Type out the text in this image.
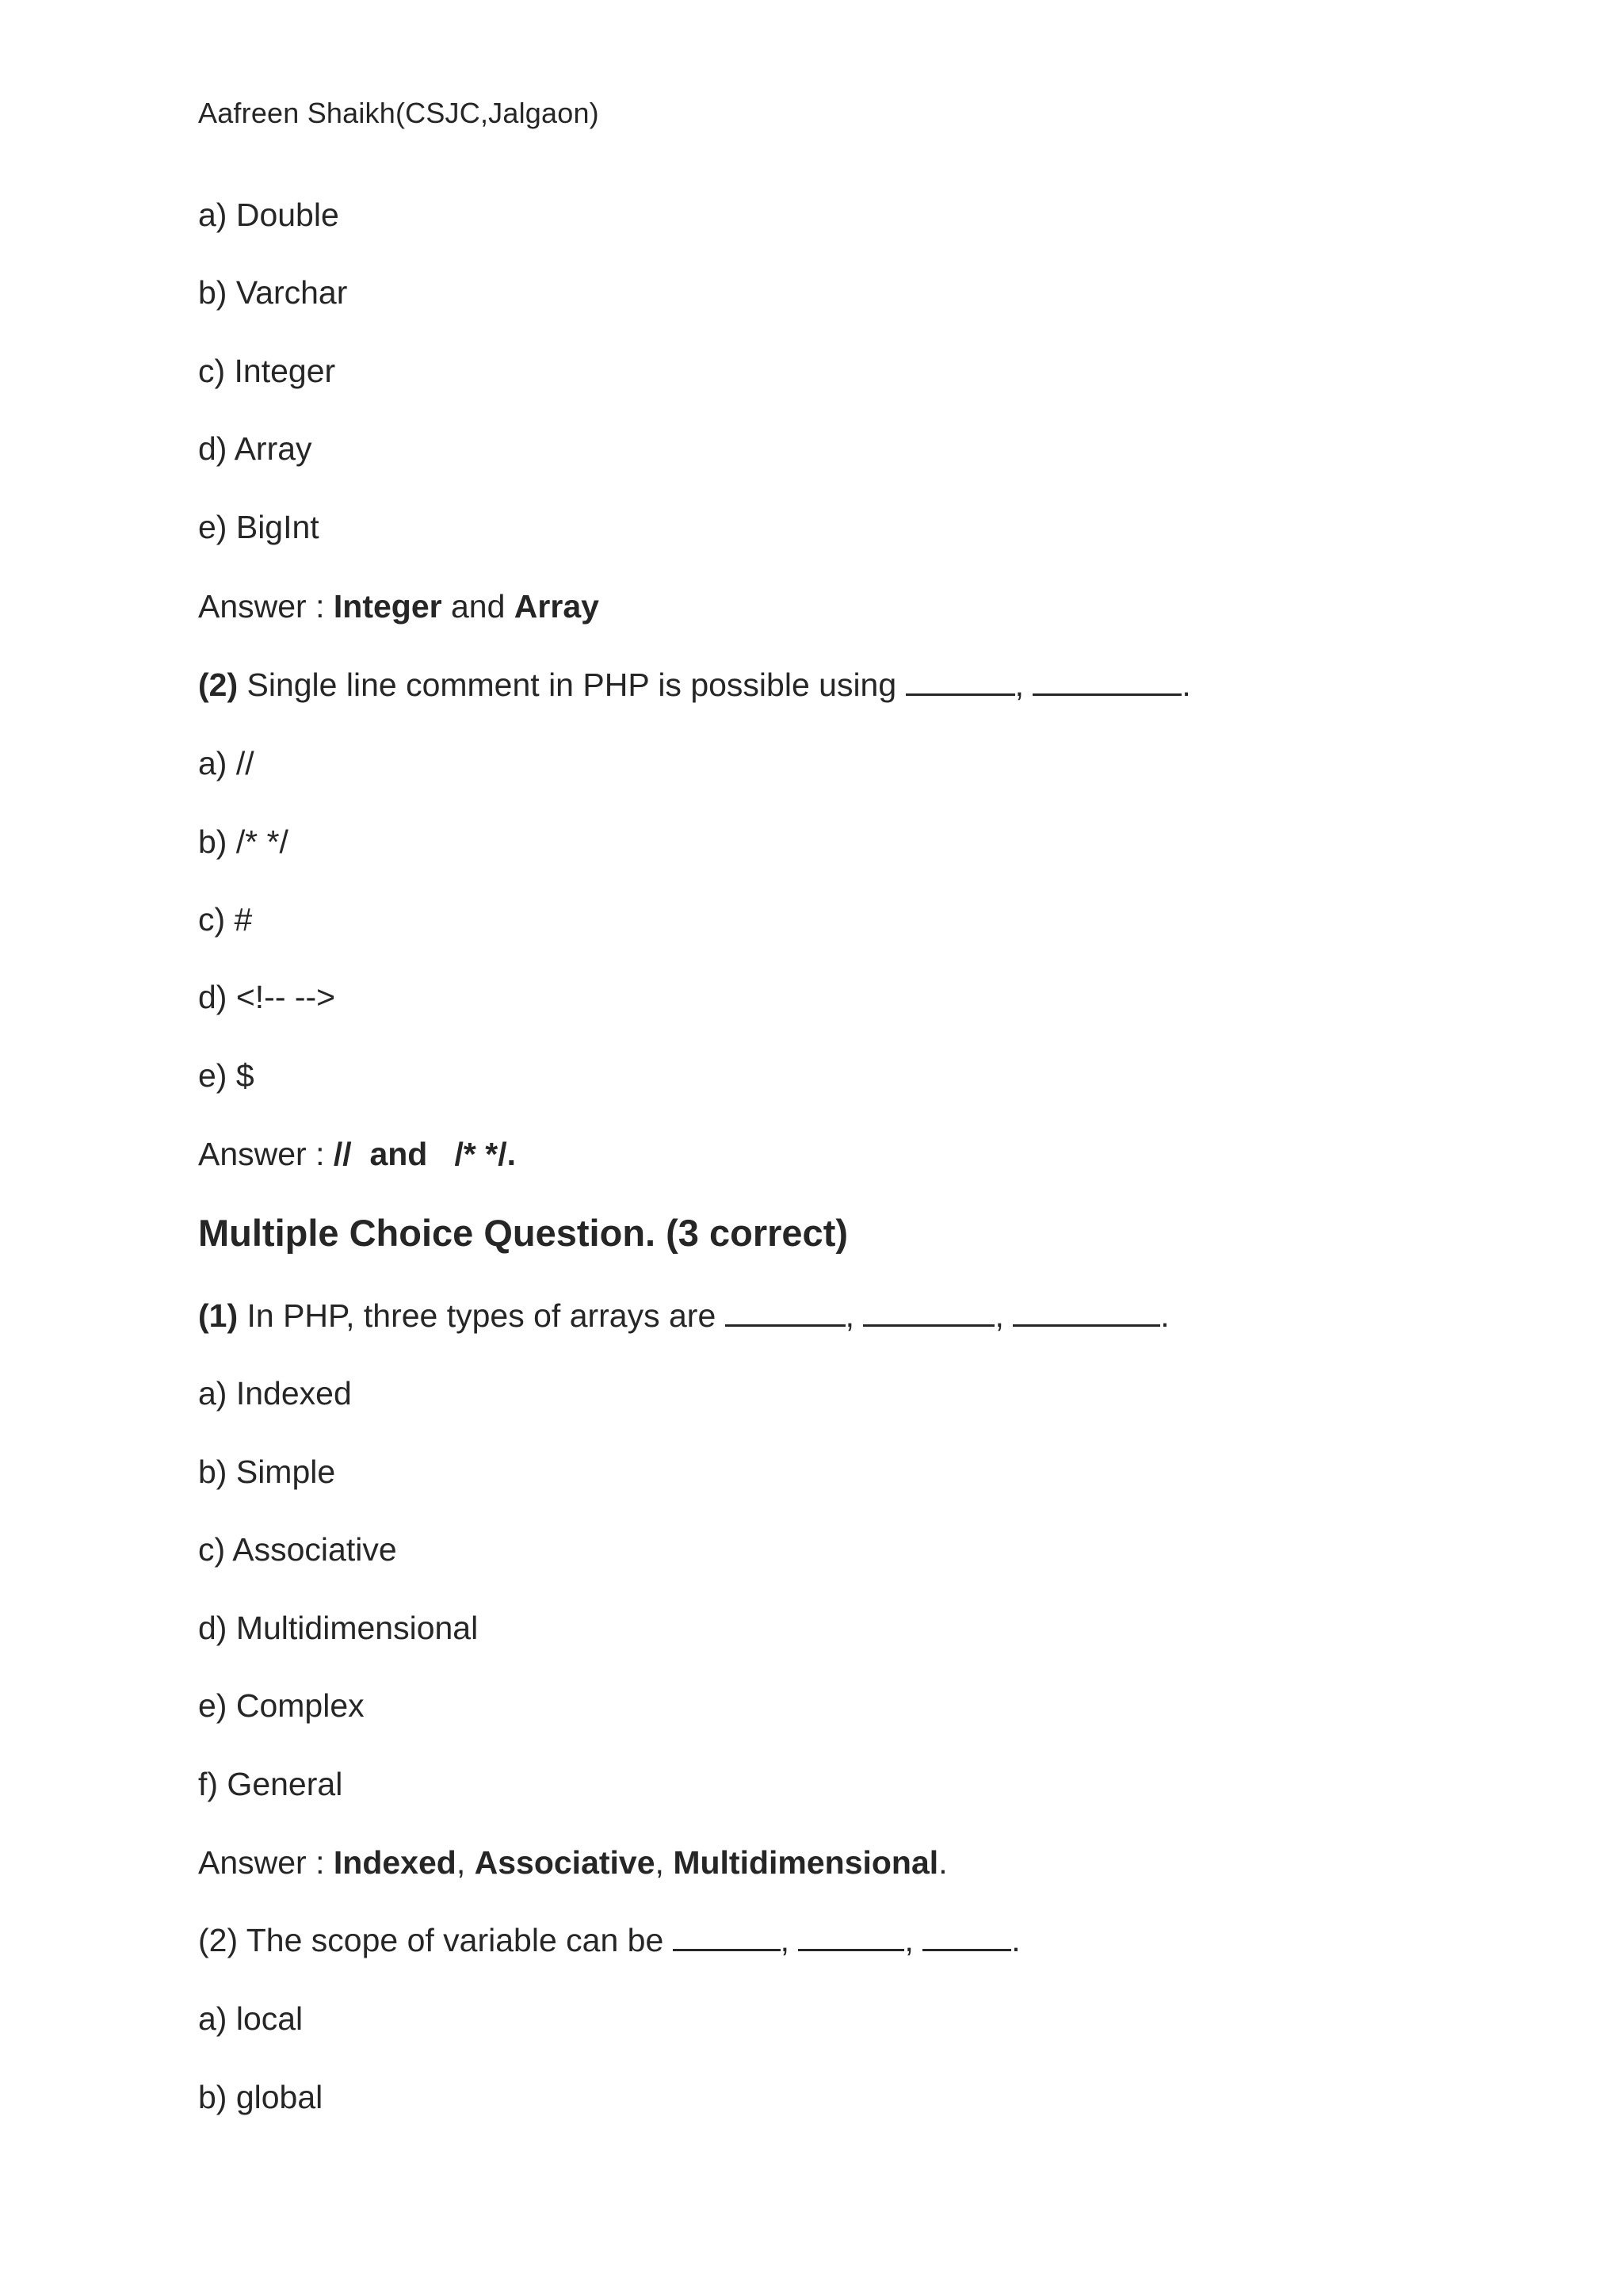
Aafreen Shaikh(CSJC,Jalgaon)
a) Double
b) Varchar
c) Integer
d) Array
e) BigInt
Answer : Integer and Array
(2) Single line comment in PHP is possible using	,	.
a) //
b) /* */
c) #
d) <!-- -->
e) $
Answer : //  and   /* */.
Multiple Choice Question. (3 correct)
(1) In PHP, three types of arrays are	,	,	.
a) Indexed
b) Simple
c) Associative
d) Multidimensional
e) Complex
f) General
Answer : Indexed, Associative, Multidimensional.
(2) The scope of variable can be	,	,	.
a) local
b) global
